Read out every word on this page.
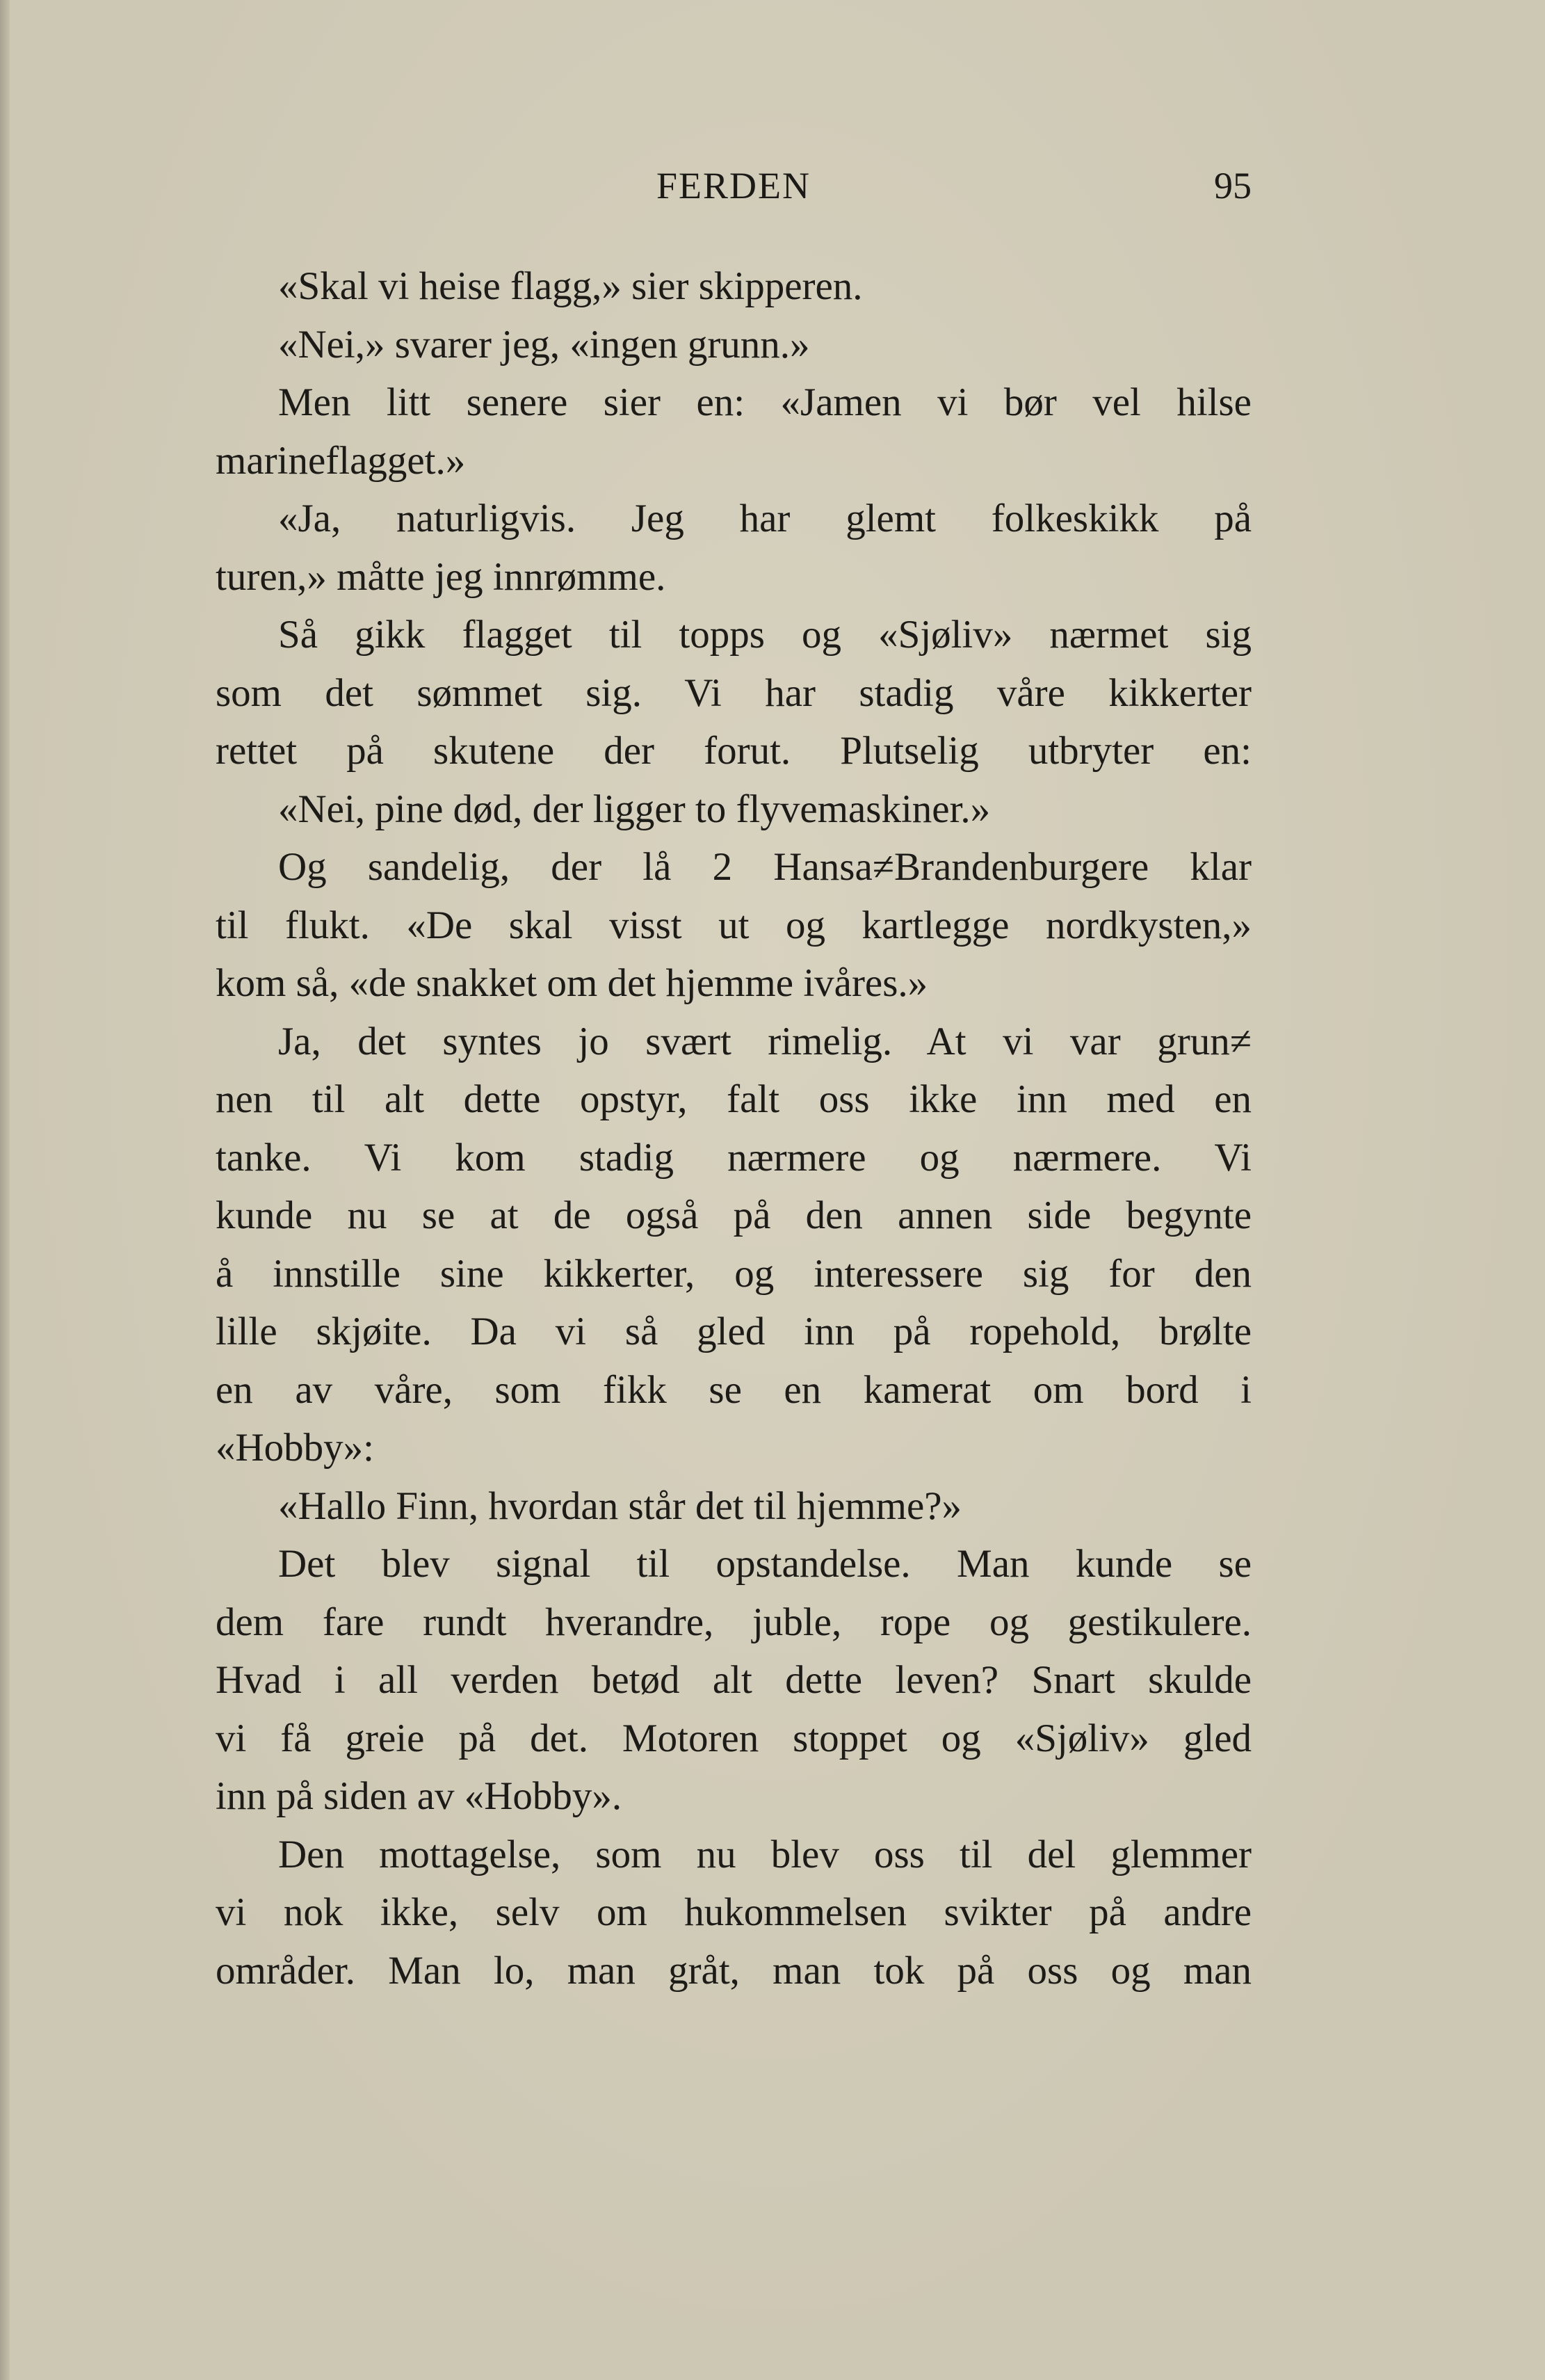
FERDEN	95
«Skal vi heise flagg,» sier skipperen.
«Nei,» svarer jeg, «ingen grunn.»
Men litt senere sier en: «Jamen vi bør vel hilse
marineflagget.»
«Ja, naturligvis. Jeg har glemt folkeskikk på
turen,» måtte jeg innrømme.
Så gikk flagget til topps og «Sjøliv» nærmet sig
som det sømmet sig. Vi har stadig våre kikkerter
rettet på skutene der forut. Plutselig utbryter en:
«Nei, pine død, der ligger to flyvemaskiner.»
Og sandelig, der lå 2 Hansa≠Brandenburgere klar
til flukt. «De skal visst ut og kartlegge nordkysten,»
kom så, «de snakket om det hjemme ivåres.»
Ja, det syntes jo svært rimelig. At vi var grun≠
nen til alt dette opstyr, falt oss ikke inn med en
tanke. Vi kom stadig nærmere og nærmere. Vi
kunde nu se at de også på den annen side begynte
å innstille sine kikkerter, og interessere sig for den
lille skjøite. Da vi så gled inn på ropehold, brølte
en av våre, som fikk se en kamerat om bord i
«Hobby»:
«Hallo Finn, hvordan står det til hjemme?»
Det blev signal til opstandelse. Man kunde se
dem fare rundt hverandre, juble, rope og gestikulere.
Hvad i all verden betød alt dette leven? Snart skulde
vi få greie på det. Motoren stoppet og «Sjøliv» gled
inn på siden av «Hobby».
Den mottagelse, som nu blev oss til del glemmer
vi nok ikke, selv om hukommelsen svikter på andre
områder. Man lo, man gråt, man tok på oss og man
